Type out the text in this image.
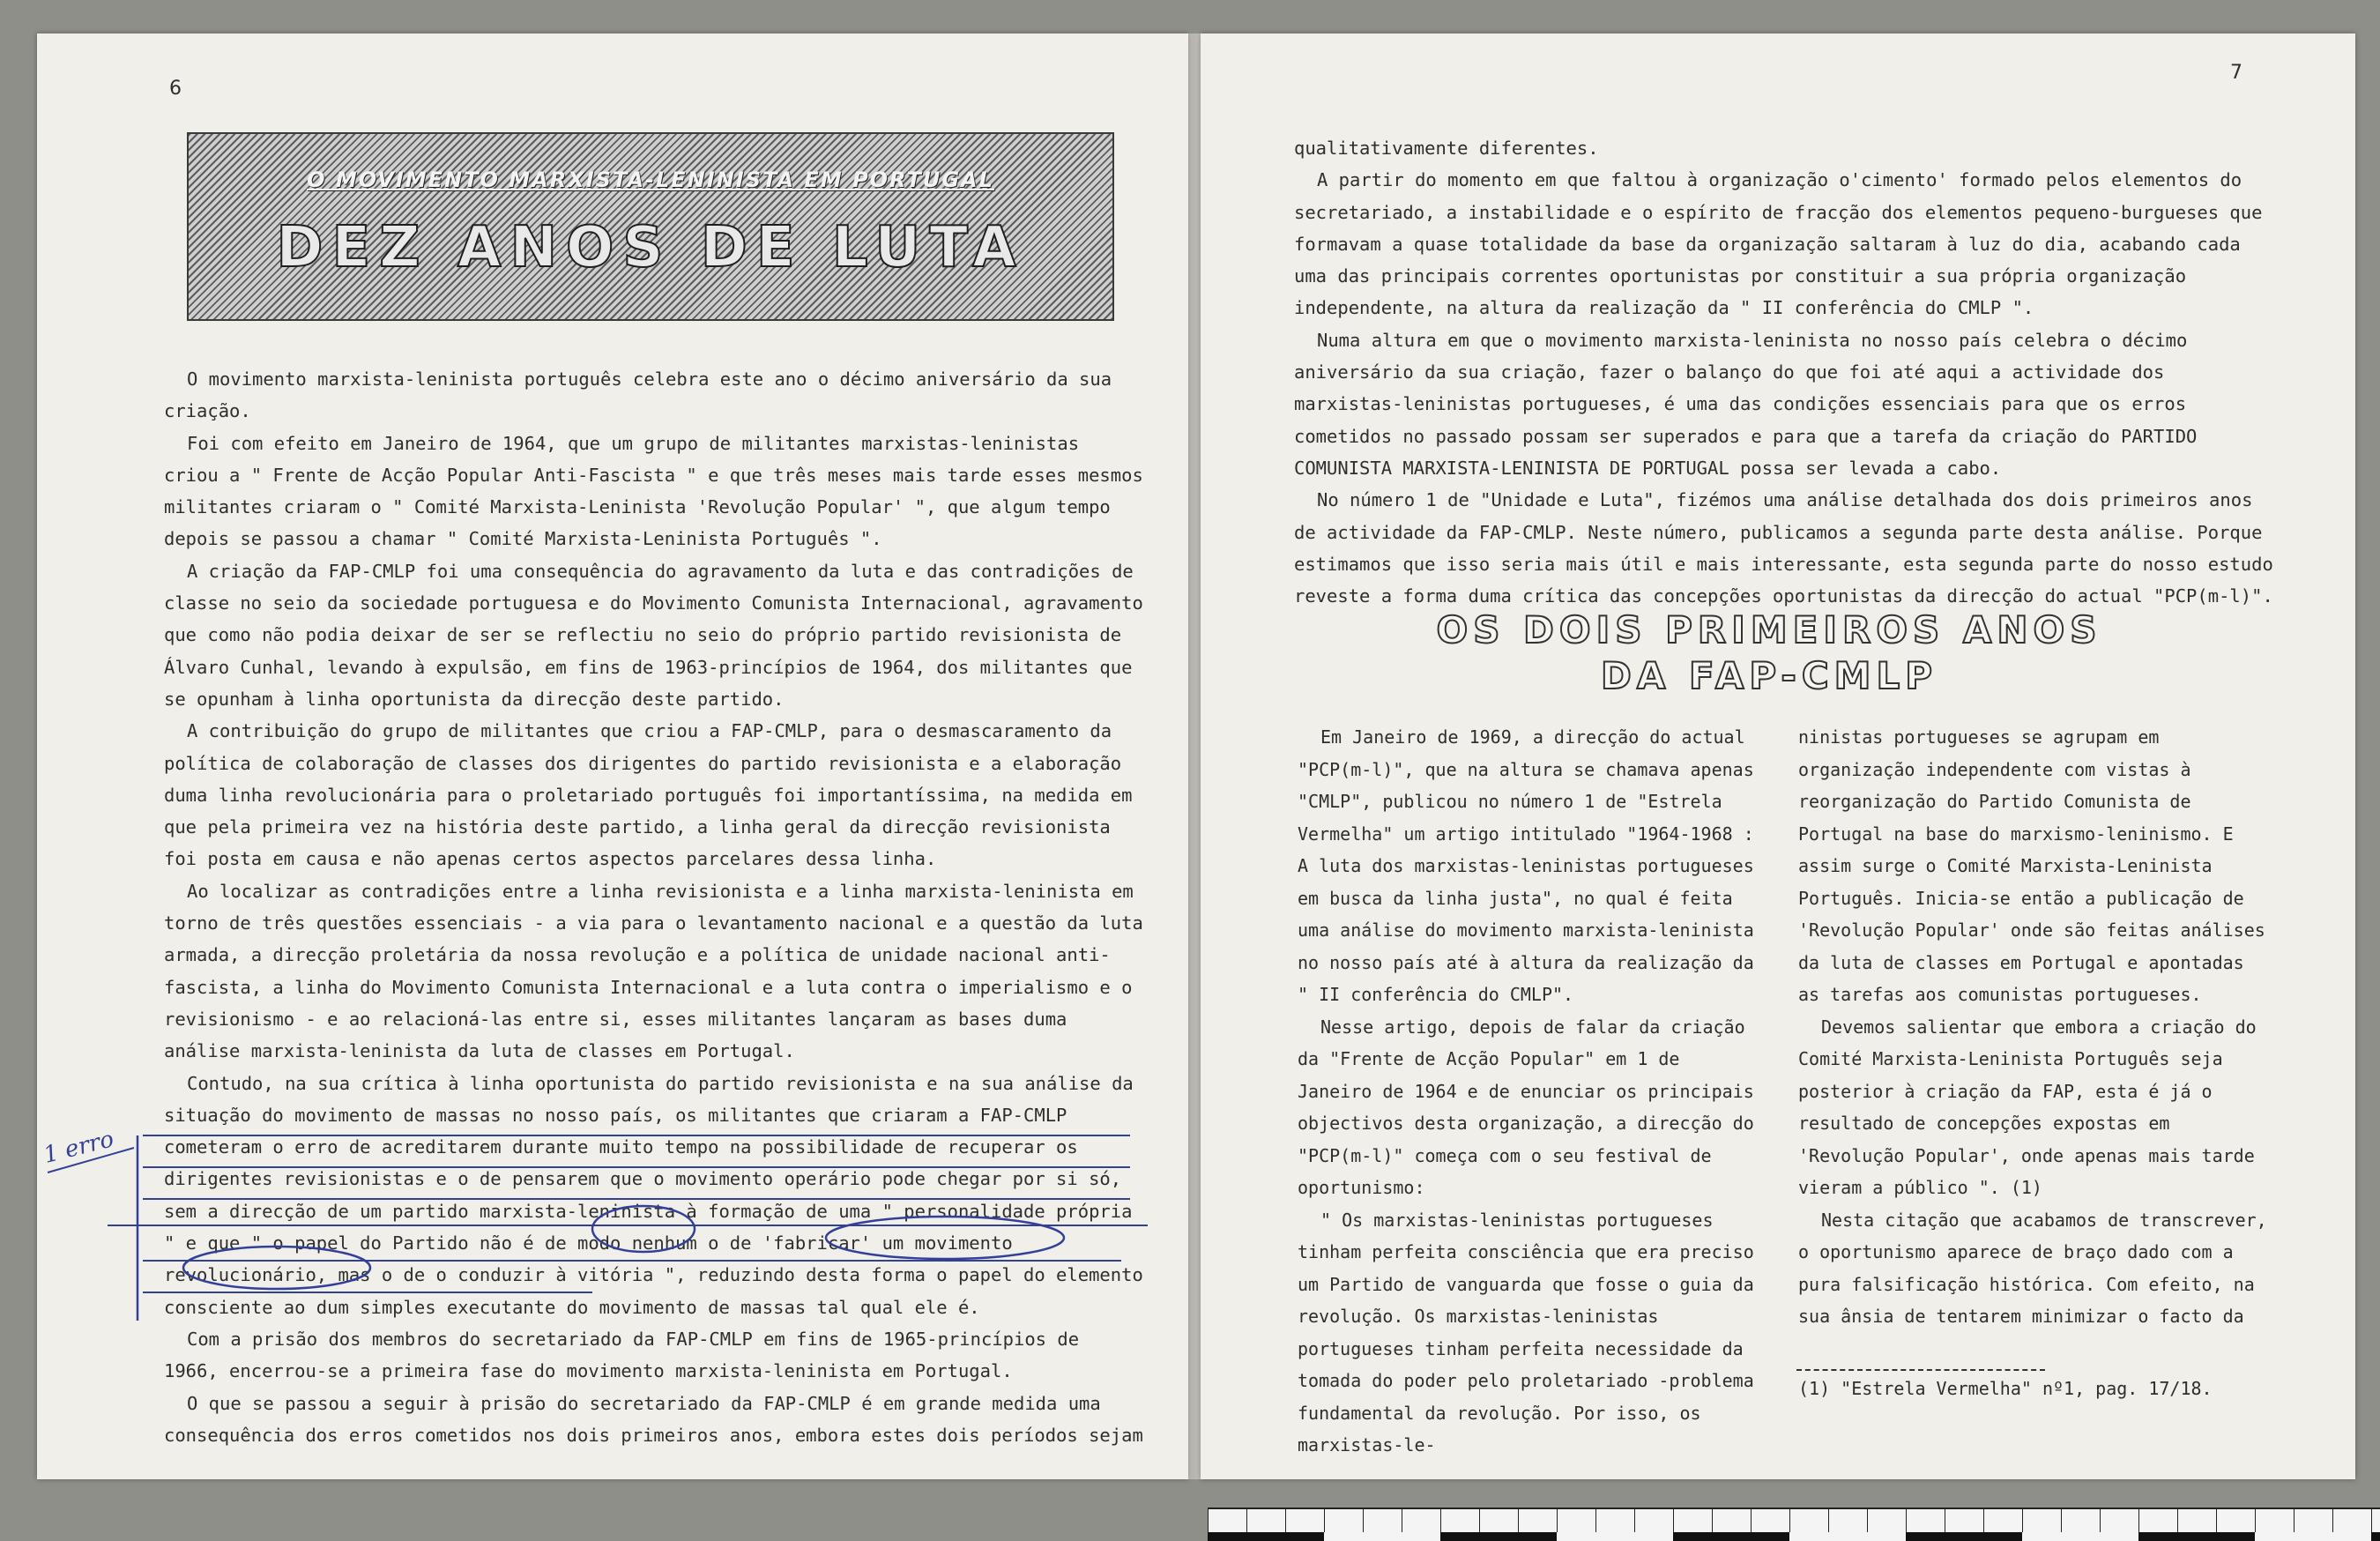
6
O MOVIMENTO MARXISTA-LENINISTA EM PORTUGAL
DEZ ANOS DE LUTA

O movimento marxista-leninista português celebra este ano o décimo aniversário da sua criação.

Foi com efeito em Janeiro de 1964, que um grupo de militantes marxistas-leninistas criou a " Frente de Acção Popular Anti-Fascista " e que três meses mais tarde esses mesmos militantes criaram o " Comité Marxista-Leninista 'Revolução Popular' ", que algum tempo depois se passou a chamar " Comité Marxista-Leninista Português ".

A criação da FAP-CMLP foi uma consequência do agravamento da luta e das contradições de classe no seio da sociedade portuguesa e do Movimento Comunista Internacional, agravamento que como não podia deixar de ser se reflectiu no seio do próprio partido revisionista de Álvaro Cunhal, levando à expulsão, em fins de 1963-princípios de 1964, dos militantes que se opunham à linha oportunista da direcção deste partido.

A contribuição do grupo de militantes que criou a FAP-CMLP, para o desmascaramento da política de colaboração de classes dos dirigentes do partido revisionista e a elaboração duma linha revolucionária para o proletariado português foi importantíssima, na medida em que pela primeira vez na história deste partido, a linha geral da direcção revisionista foi posta em causa e não apenas certos aspectos parcelares dessa linha.

Ao localizar as contradições entre a linha revisionista e a linha marxista-leninista em torno de três questões essenciais - a via para o levantamento nacional e a questão da luta armada, a direcção proletária da nossa revolução e a política de unidade nacional anti-fascista, a linha do Movimento Comunista Internacional e a luta contra o imperialismo e o revisionismo - e ao relacioná-las entre si, esses militantes lançaram as bases duma análise marxista-leninista da luta de classes em Portugal.

Contudo, na sua crítica à linha oportunista do partido revisionista e na sua análise da situação do movimento de massas no nosso país, os militantes que criaram a FAP-CMLP cometeram o erro de acreditarem durante muito tempo na possibilidade de recuperar os dirigentes revisionistas e o de pensarem que o movimento operário pode chegar por si só, sem a direcção de um partido marxista-leninista à formação de uma " personalidade própria " e que " o papel do Partido não é de modo nenhum o de 'fabricar' um movimento revolucionário, mas o de o conduzir à vitória ", reduzindo desta forma o papel do elemento consciente ao dum simples executante do movimento de massas tal qual ele é.

Com a prisão dos membros do secretariado da FAP-CMLP em fins de 1965-princípios de 1966, encerrou-se a primeira fase do movimento marxista-leninista em Portugal.

O que se passou a seguir à prisão do secretariado da FAP-CMLP é em grande medida uma consequência dos erros cometidos nos dois primeiros anos, embora estes dois períodos sejam

1 erro
7

qualitativamente diferentes.

A partir do momento em que faltou à organização o'cimento' formado pelos elementos do secretariado, a instabilidade e o espírito de fracção dos elementos pequeno-burgueses que formavam a quase totalidade da base da organização saltaram à luz do dia, acabando cada uma das principais correntes oportunistas por constituir a sua própria organização independente, na altura da realização da " II conferência do CMLP ".

Numa altura em que o movimento marxista-leninista no nosso país celebra o décimo aniversário da sua criação, fazer o balanço do que foi até aqui a actividade dos marxistas-leninistas portugueses, é uma das condições essenciais para que os erros cometidos no passado possam ser superados e para que a tarefa da criação do PARTIDO COMUNISTA MARXISTA-LENINISTA DE PORTUGAL possa ser levada a cabo.

No número 1 de "Unidade e Luta", fizémos uma análise detalhada dos dois primeiros anos de actividade da FAP-CMLP. Neste número, publicamos a segunda parte desta análise. Porque estimamos que isso seria mais útil e mais interessante, esta segunda parte do nosso estudo reveste a forma duma crítica das concepções oportunistas da direcção do actual "PCP(m-l)".

OS DOIS PRIMEIROS ANOS
DA FAP-CMLP

Em Janeiro de 1969, a direcção do actual "PCP(m-l)", que na altura se chamava apenas "CMLP", publicou no número 1 de "Estrela Vermelha" um artigo intitulado "1964-1968 : A luta dos marxistas-leninistas portugueses em busca da linha justa", no qual é feita uma análise do movimento marxista-leninista no nosso país até à altura da realização da " II conferência do CMLP".

Nesse artigo, depois de falar da criação da "Frente de Acção Popular" em 1 de Janeiro de 1964 e de enunciar os principais objectivos desta organização, a direcção do "PCP(m-l)" começa com o seu festival de oportunismo:

" Os marxistas-leninistas portugueses tinham perfeita consciência que era preciso um Partido de vanguarda que fosse o guia da revolução. Os marxistas-leninistas portugueses tinham perfeita necessidade da tomada do poder pelo proletariado -problema fundamental da revolução. Por isso, os marxistas-le-

ninistas portugueses se agrupam em organização independente com vistas à reorganização do Partido Comunista de Portugal na base do marxismo-leninismo. E assim surge o Comité Marxista-Leninista Português. Inicia-se então a publicação de 'Revolução Popular' onde são feitas análises da luta de classes em Portugal e apontadas as tarefas aos comunistas portugueses.

Devemos salientar que embora a criação do Comité Marxista-Leninista Português seja posterior à criação da FAP, esta é já o resultado de concepções expostas em 'Revolução Popular', onde apenas mais tarde vieram a público ". (1)

Nesta citação que acabamos de transcrever, o oportunismo aparece de braço dado com a pura falsificação histórica. Com efeito, na sua ânsia de tentarem minimizar o facto da

(1) "Estrela Vermelha" nº1, pag. 17/18.
